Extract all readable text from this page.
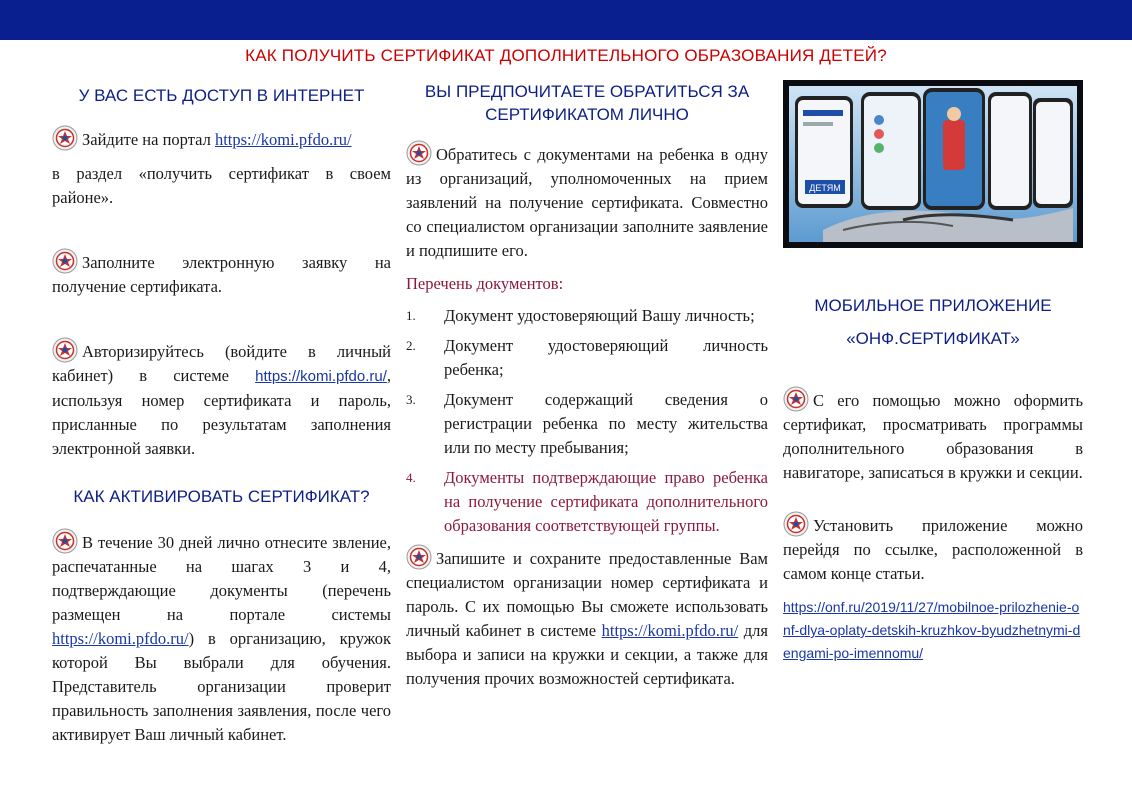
КАК ПОЛУЧИТЬ СЕРТИФИКАТ ДОПОЛНИТЕЛЬНОГО ОБРАЗОВАНИЯ ДЕТЕЙ?
У ВАС ЕСТЬ ДОСТУП В ИНТЕРНЕТ
Зайдите на портал https://komi.pfdo.ru/
в раздел «получить сертификат в своем районе».
Заполните электронную заявку на получение сертификата.
Авторизируйтесь (войдите в личный кабинет) в системе https://komi.pfdo.ru/, используя номер сертификата и пароль, присланные по результатам заполнения электронной заявки.
КАК АКТИВИРОВАТЬ СЕРТИФИКАТ?
В течение 30 дней лично отнесите звление, распечатанные на шагах 3 и 4, подтверждающие документы (перечень размещен на портале системы https://komi.pfdo.ru/) в организацию, кружок которой Вы выбрали для обучения. Представитель организации проверит правильность заполнения заявления, после чего активирует Ваш личный кабинет.
ВЫ ПРЕДПОЧИТАЕТЕ ОБРАТИТЬСЯ ЗА СЕРТИФИКАТОМ ЛИЧНО
Обратитесь с документами на ребенка в одну из организаций, уполномоченных на прием заявлений на получение сертификата. Совместно со специалистом организации заполните заявление и подпишите его.
Перечень документов:
1. Документ удостоверяющий Вашу личность;
2. Документ удостоверяющий личность ребенка;
3. Документ содержащий сведения о регистрации ребенка по месту жительства или по месту пребывания;
4. Документы подтверждающие право ребенка на получение сертификата дополнительного образования соответствующей группы.
Запишите и сохраните предоставленные Вам специалистом организации номер сертификата и пароль. С их помощью Вы сможете использовать личный кабинет в системе https://komi.pfdo.ru/ для выбора и записи на кружки и секции, а также для получения прочих возможностей сертификата.
ДЕТЯМ
МОБИЛЬНОЕ ПРИЛОЖЕНИЕ
«ОНФ.СЕРТИФИКАТ»
С его помощью можно оформить сертификат, просматривать программы дополнительного образования в навигаторе, записаться в кружки и секции.
Установить приложение можно перейдя по ссылке, расположенной в самом конце статьи.
https://onf.ru/2019/11/27/mobilnoe-prilozhenie-onf-dlya-oplaty-detskih-kruzhkov-byudzhetnymi-dengami-po-imennomu/
